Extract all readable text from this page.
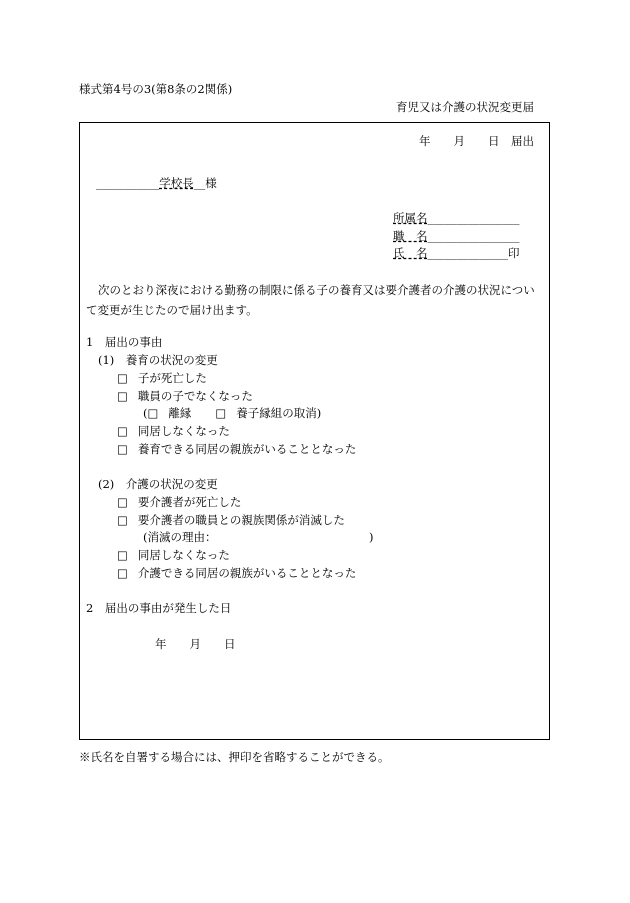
様式第4号の3(第8条の2関係)
育児又は介護の状況変更届
年　　月　　日　届出
___________学校長__様
所属名________________
職　名________________
氏　名______________印
次のとおり深夜における勤務の制限に係る子の養育又は要介護者の介護の状況について変更が生じたので届け出ます。
1　届出の事由
(1)　養育の状況の変更
□ 子が死亡した
□ 職員の子でなくなった
(□ 離縁 □ 養子縁組の取消)
□ 同居しなくなった
□ 養育できる同居の親族がいることとなった
(2)　介護の状況の変更
□ 要介護者が死亡した
□ 要介護者の職員との親族関係が消滅した
(消滅の理由：	)
□ 同居しなくなった
□ 介護できる同居の親族がいることとなった
2　届出の事由が発生した日
年　　月　　日
※氏名を自署する場合には、押印を省略することができる。
